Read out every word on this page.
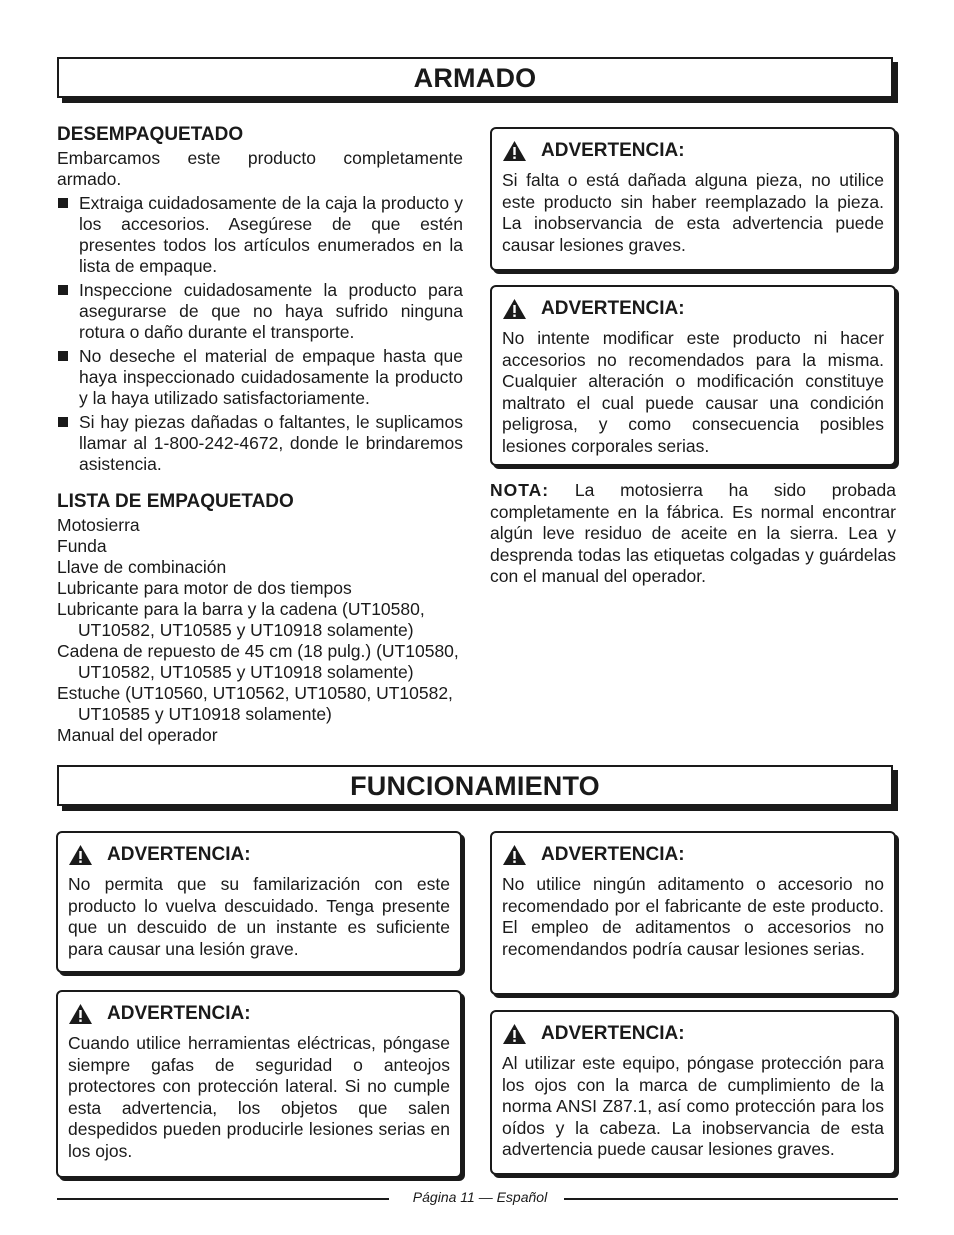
ARMADO
DESEMPAQUETADO

Embarcamos este producto completamente armado.

Extraiga cuidadosamente de la caja la producto y los accesorios. Asegúrese de que estén presentes todos los artículos enumerados en la lista de empaque.
Inspeccione cuidadosamente la producto para asegurarse de que no haya sufrido ninguna rotura o daño durante el transporte.
No deseche el material de empaque hasta que haya inspeccionado cuidadosamente la producto y la haya utilizado satisfactoriamente.
Si hay piezas dañadas o faltantes, le suplicamos llamar al 1-800-242-4672, donde le brindaremos asistencia.
LISTA DE EMPAQUETADO
Motosierra
Funda
Llave de combinación
Lubricante para motor de dos tiempos
Lubricante para la barra y la cadena (UT10580, UT10582, UT10585 y UT10918 solamente)
Cadena de repuesto de 45 cm (18 pulg.) (UT10580, UT10582, UT10585 y UT10918 solamente)
Estuche (UT10560, UT10562, UT10580, UT10582, UT10585 y UT10918 solamente)
Manual del operador
ADVERTENCIA:
Si falta o está dañada alguna pieza, no utilice este producto sin haber reemplazado la pieza. La inobservancia de esta advertencia puede causar lesiones graves.
ADVERTENCIA:
No intente modificar este producto ni hacer accesorios no recomendados para la misma. Cualquier alteración o modificación constituye maltrato el cual puede causar una condición peligrosa, y como consecuencia posibles lesiones corporales serias.
NOTA: La motosierra ha sido probada completamente en la fábrica. Es normal encontrar algún leve residuo de aceite en la sierra. Lea y desprenda todas las etiquetas colgadas y guárdelas con el manual del operador.
FUNCIONAMIENTO
ADVERTENCIA:
No permita que su familarización con este producto lo vuelva descuidado. Tenga presente que un descuido de un instante es suficiente para causar una lesión grave.
ADVERTENCIA:
Cuando utilice herramientas eléctricas, póngase siempre gafas de seguridad o anteojos protectores con protección lateral. Si no cumple esta advertencia, los objetos que salen despedidos pueden producirle lesiones serias en los ojos.
ADVERTENCIA:
No utilice ningún aditamento o accesorio no recomendado por el fabricante de este producto. El empleo de aditamentos o accesorios no recomendandos podría causar lesiones serias.
ADVERTENCIA:
Al utilizar este equipo, póngase protección para los ojos con la marca de cumplimiento de la norma ANSI Z87.1, así como protección para los oídos y la cabeza. La inobservancia de esta advertencia puede causar lesiones graves.
Página 11 — Español
